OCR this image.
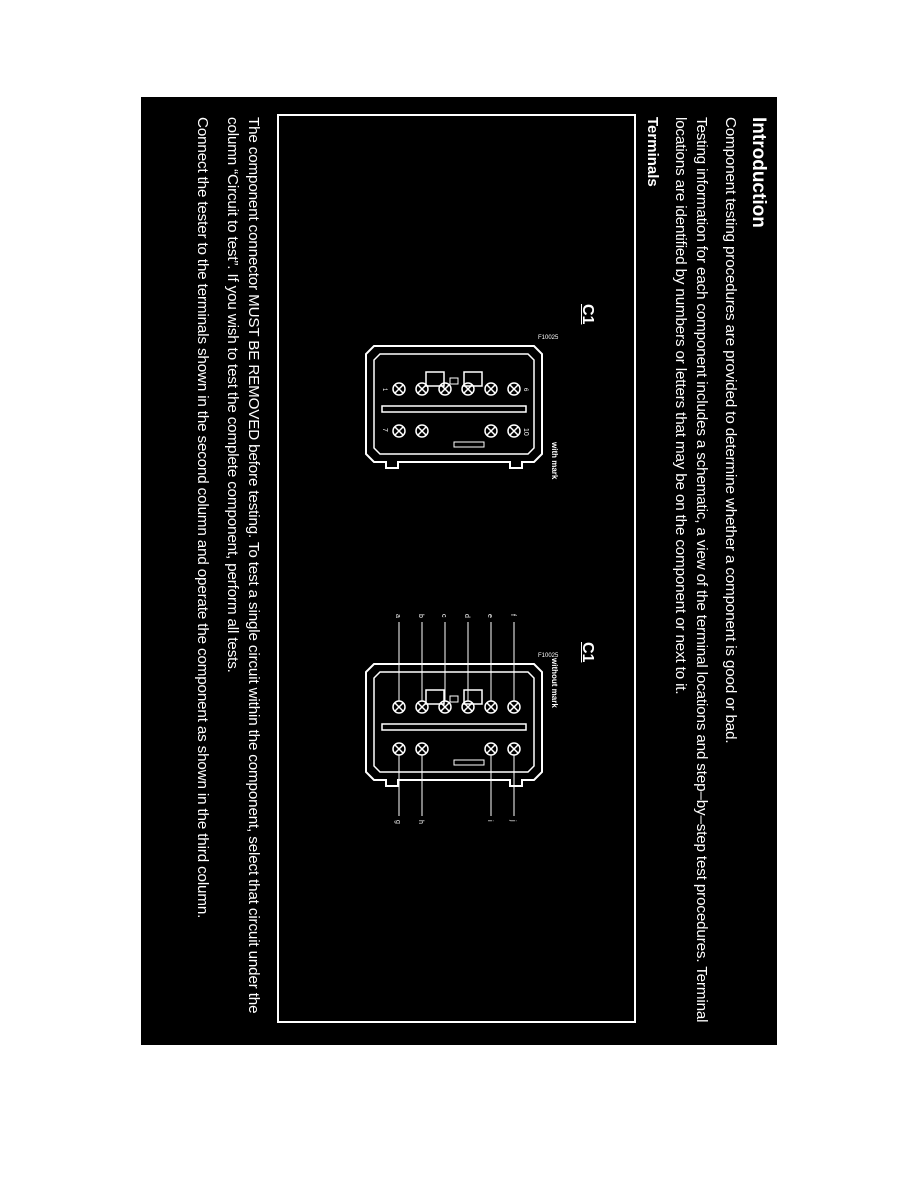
Introduction
Component testing procedures are provided to determine whether a component is good or bad.
Testing information for each component includes a schematic, a view of the terminal locations and step–by–step test procedures. Terminal
locations are identified by numbers or letters that may be on the component or next to it.
Terminals
C1
with mark
6
1
10
7
F10025
without mark
f
e
d
c
b
a
j
i
h
g
F10025 C1
The component connector MUST BE REMOVED before testing. To test a single circuit within the component, select that circuit under the
column “Circuit to test”. If you wish to test the complete component, perform all tests.
Connect the tester to the terminals shown in the second column and operate the component as shown in the third column.
